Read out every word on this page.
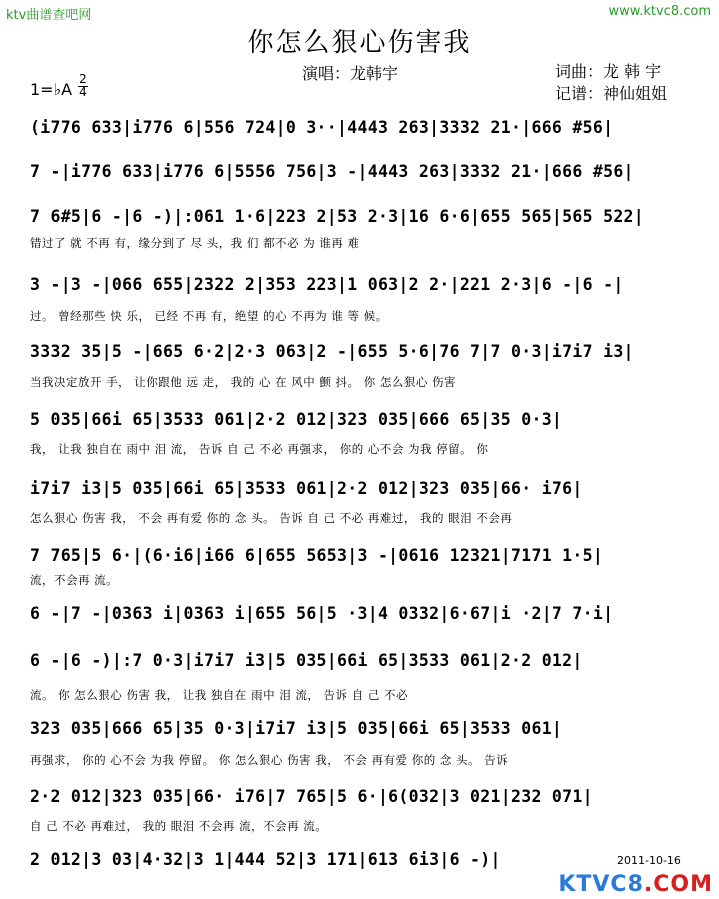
ktv曲谱查吧网	www.ktvc8.com
你怎么狠心伤害我
演唱：龙韩宇	词曲：龙 韩 宇
记谱：神仙姐姐
1=♭A
2
4
(i776 633|i776 6|556 724|0 3··|4443 263|3332 21·|666 #56|
7 -|i776 633|i776 6|5556 756|3 -|4443 263|3332 21·|666 #56|
7 6#5|6 -|6 -)|:061 1·6|223 2|53 2·3|16 6·6|655 565|565 522|
错过了 就 不再 有，缘分到了 尽 头，我 们 都不必 为 谁再 难
3 -|3 -|066 655|2322 2|353 223|1 063|2 2·|221 2·3|6 -|6 -|
过。 曾经那些 快 乐， 已经 不再 有，绝望 的心 不再为 谁 等 候。
3332 35|5 -|665 6·2|2·3 063|2 -|655 5·6|76 7|7 0·3|i7i7 i3|
当我决定放开 手， 让你跟他 远 走， 我的 心 在 风中 颤 抖。 你 怎么狠心 伤害
5 035|66i 65|3533 061|2·2 012|323 035|666 65|35 0·3|
我， 让我 独自在 雨中 泪 流， 告诉 自 己 不必 再强求， 你的 心不会 为我 停留。 你
i7i7 i3|5 035|66i 65|3533 061|2·2 012|323 035|66· i76|
怎么狠心 伤害 我， 不会 再有爱 你的 念 头。 告诉 自 己 不必 再难过， 我的 眼泪 不会再
7 765|5 6·|(6·i6|i66 6|655 5653|3 -|0616 12321|7171 1·5|
流，不会再 流。
6 -|7 -|0363 i|0363 i|655 56|5 ·3|4 0332|6·67|i ·2|7 7·i|
6 -|6 -)|:7 0·3|i7i7 i3|5 035|66i 65|3533 061|2·2 012|
流。 你 怎么狠心 伤害 我， 让我 独自在 雨中 泪 流， 告诉 自 己 不必
323 035|666 65|35 0·3|i7i7 i3|5 035|66i 65|3533 061|
再强求， 你的 心不会 为我 停留。 你 怎么狠心 伤害 我， 不会 再有爱 你的 念 头。 告诉
2·2 012|323 035|66· i76|7 765|5 6·|6(032|3 021|232 071|
自 己 不必 再难过， 我的 眼泪 不会再 流，不会再 流。
2 012|3 03|4·32|3 1|444 52|3 171|613 6i3|6 -)|	2011-10-16
KTVC8.COM
